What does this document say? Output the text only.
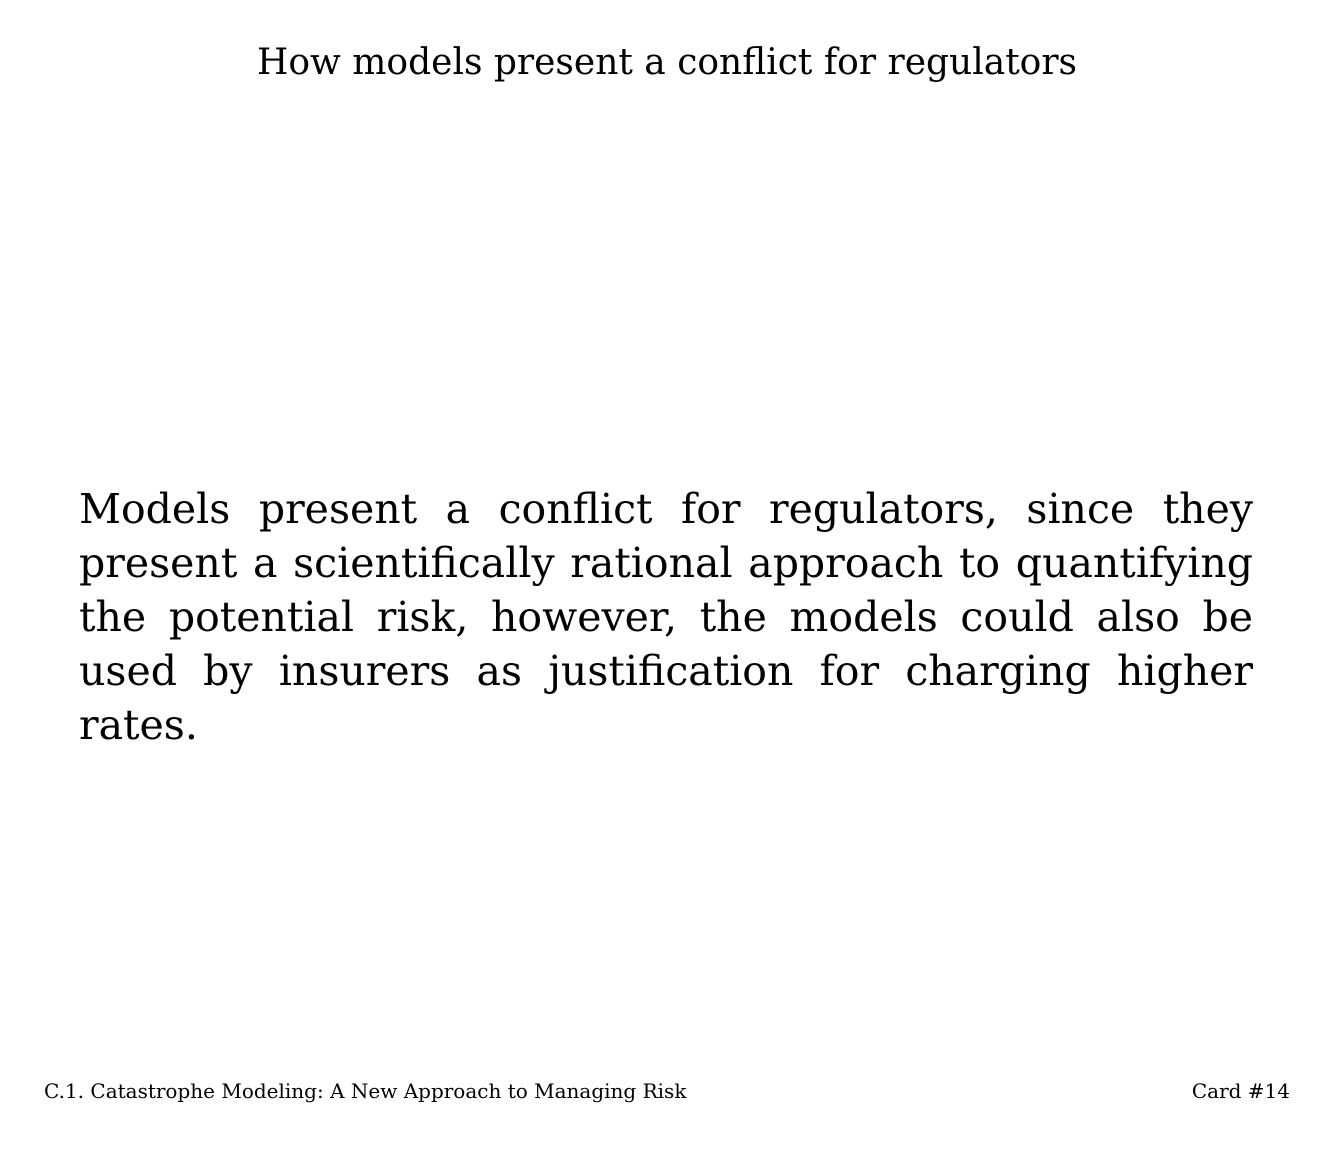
How models present a conflict for regulators
Models present a conflict for regulators, since they present a scientifically rational approach to quantifying the potential risk, however, the models could also be used by insurers as justification for charging higher rates.
C.1. Catastrophe Modeling: A New Approach to Managing Risk	Card #14
